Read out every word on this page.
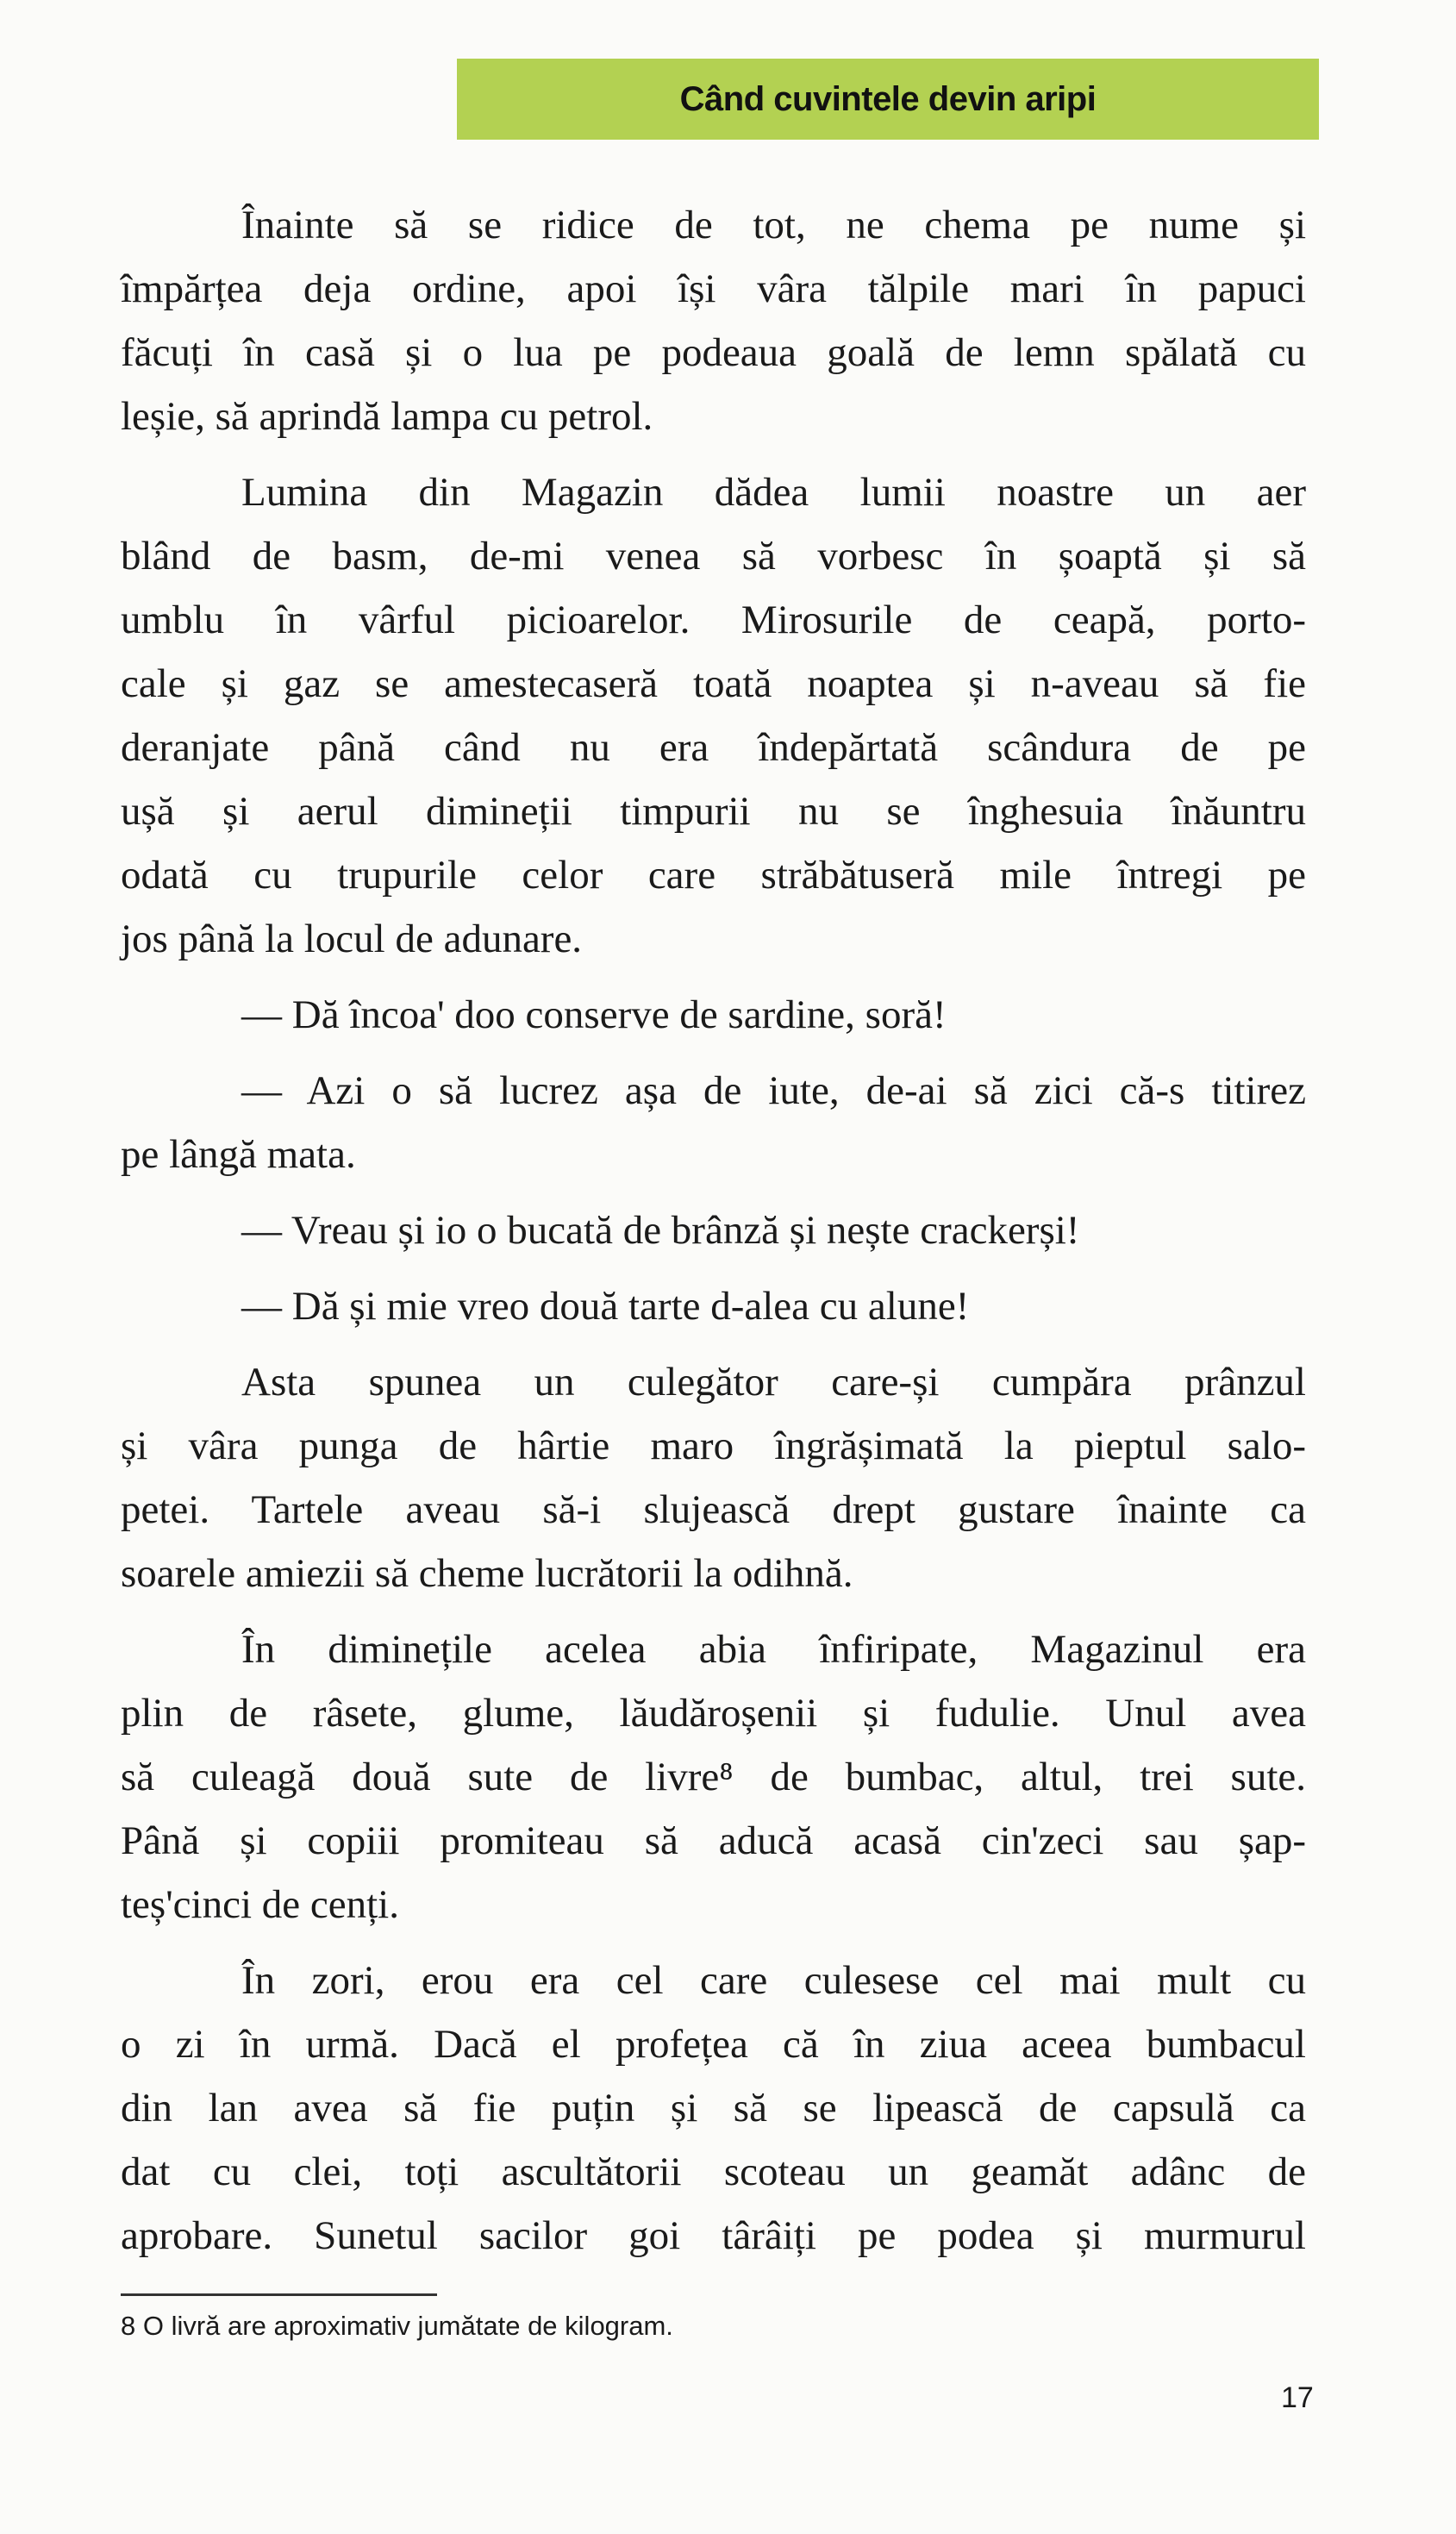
Când cuvintele devin aripi
Înainte să se ridice de tot, ne chema pe nume și
împărțea deja ordine, apoi își vâra tălpile mari în papuci
făcuți în casă și o lua pe podeaua goală de lemn spălată cu
leșie, să aprindă lampa cu petrol.
Lumina din Magazin dădea lumii noastre un aer
blând de basm, de-mi venea să vorbesc în șoaptă și să
umblu în vârful picioarelor. Mirosurile de ceapă, porto-
cale și gaz se amestecaseră toată noaptea și n-aveau să fie
deranjate până când nu era îndepărtată scândura de pe
ușă și aerul dimineții timpurii nu se înghesuia înăuntru
odată cu trupurile celor care străbătuseră mile întregi pe
jos până la locul de adunare.
— Dă încoa' doo conserve de sardine, soră!
— Azi o să lucrez așa de iute, de-ai să zici că-s titirez
pe lângă mata.
— Vreau și io o bucată de brânză și nește crackerși!
— Dă și mie vreo două tarte d-alea cu alune!
Asta spunea un culegător care-și cumpăra prânzul
și vâra punga de hârtie maro îngrășimată la pieptul salo-
petei. Tartele aveau să-i slujească drept gustare înainte ca
soarele amiezii să cheme lucrătorii la odihnă.
În diminețile acelea abia înfiripate, Magazinul era
plin de râsete, glume, lăudăroșenii și fudulie. Unul avea
să culeagă două sute de livre⁸ de bumbac, altul, trei sute.
Până și copiii promiteau să aducă acasă cin'zeci sau șap-
teș'cinci de cenți.
În zori, erou era cel care culesese cel mai mult cu
o zi în urmă. Dacă el profețea că în ziua aceea bumbacul
din lan avea să fie puțin și să se lipească de capsulă ca
dat cu clei, toți ascultătorii scoteau un geamăt adânc de
aprobare. Sunetul sacilor goi târâiți pe podea și murmurul
8 O livră are aproximativ jumătate de kilogram.
17
